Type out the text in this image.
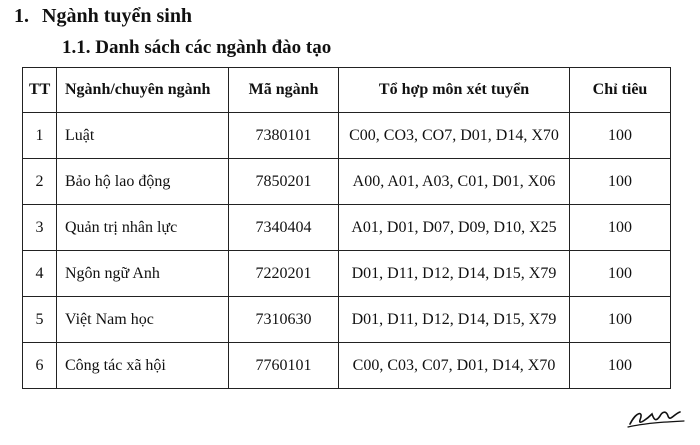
1. Ngành tuyển sinh
1.1. Danh sách các ngành đào tạo
TT	Ngành/chuyên ngành	Mã ngành	Tổ hợp môn xét tuyển	Chỉ tiêu
1	Luật	7380101	C00, CO3, CO7, D01, D14, X70	100
2	Bảo hộ lao động	7850201	A00, A01, A03, C01, D01, X06	100
3	Quản trị nhân lực	7340404	A01, D01, D07, D09, D10, X25	100
4	Ngôn ngữ Anh	7220201	D01, D11, D12, D14, D15, X79	100
5	Việt Nam học	7310630	D01, D11, D12, D14, D15, X79	100
6	Công tác xã hội	7760101	C00, C03, C07, D01, D14, X70	100
